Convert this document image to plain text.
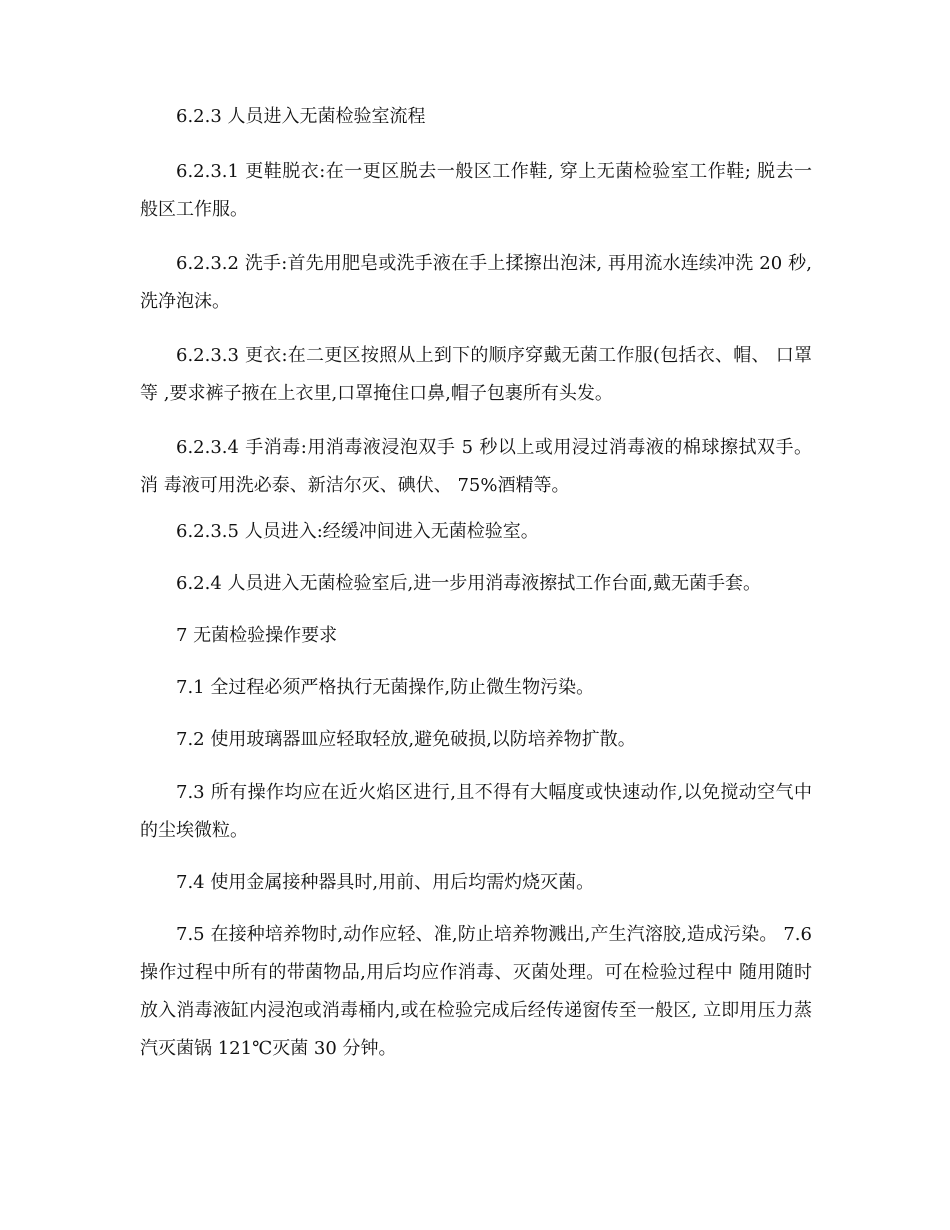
6.2.3 人员进入无菌检验室流程

6.2.3.1 更鞋脱衣:在一更区脱去一般区工作鞋, 穿上无菌检验室工作鞋; 脱去一般区工作服。

6.2.3.2 洗手:首先用肥皂或洗手液在手上揉擦出泡沫, 再用流水连续冲洗 20 秒, 洗净泡沫。

6.2.3.3 更衣:在二更区按照从上到下的顺序穿戴无菌工作服(包括衣、帽、 口罩等 ,要求裤子掖在上衣里,口罩掩住口鼻,帽子包裹所有头发。

6.2.3.4 手消毒:用消毒液浸泡双手 5 秒以上或用浸过消毒液的棉球擦拭双手。消 毒液可用洗必泰、新洁尔灭、碘伏、 75%酒精等。

6.2.3.5 人员进入:经缓冲间进入无菌检验室。

6.2.4 人员进入无菌检验室后,进一步用消毒液擦拭工作台面,戴无菌手套。

7 无菌检验操作要求

7.1 全过程必须严格执行无菌操作,防止微生物污染。

7.2 使用玻璃器皿应轻取轻放,避免破损,以防培养物扩散。

7.3 所有操作均应在近火焰区进行,且不得有大幅度或快速动作,以免搅动空气中的尘埃微粒。

7.4 使用金属接种器具时,用前、用后均需灼烧灭菌。

7.5 在接种培养物时,动作应轻、准,防止培养物溅出,产生汽溶胶,造成污染。 7.6 操作过程中所有的带菌物品,用后均应作消毒、灭菌处理。可在检验过程中 随用随时放入消毒液缸内浸泡或消毒桶内,或在检验完成后经传递窗传至一般区, 立即用压力蒸汽灭菌锅 121℃灭菌 30 分钟。
